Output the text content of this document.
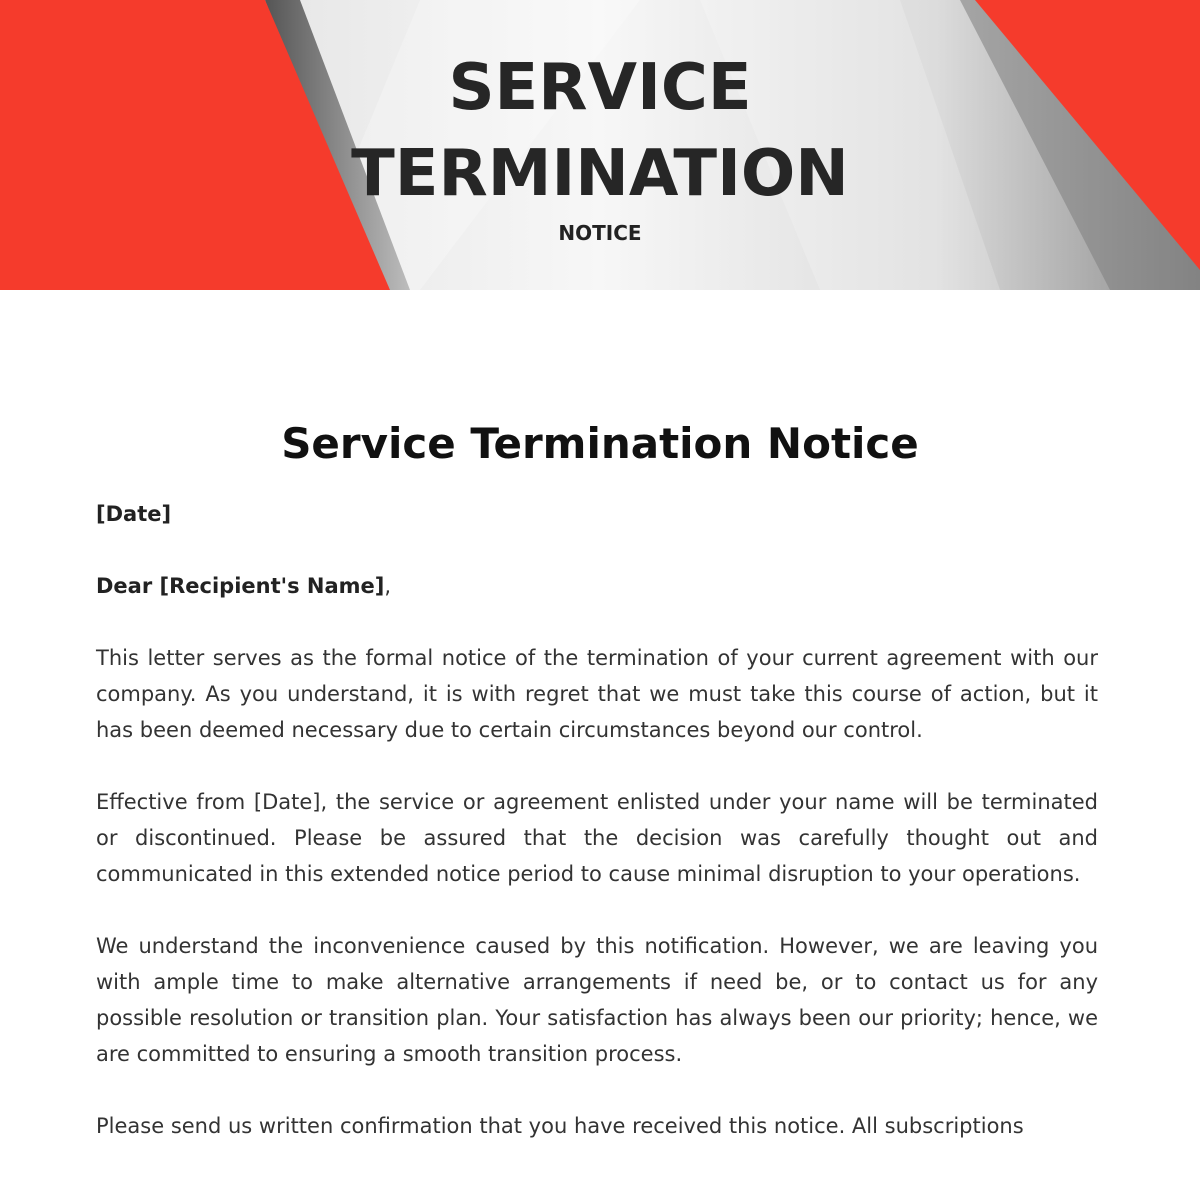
SERVICE
TERMINATION
NOTICE
Service Termination Notice

[Date]

Dear [Recipient's Name],

This letter serves as the formal notice of the termination of your current agreement with our company. As you understand, it is with regret that we must take this course of action, but it has been deemed necessary due to certain circumstances beyond our control.

Effective from [Date], the service or agreement enlisted under your name will be terminated or discontinued. Please be assured that the decision was carefully thought out and communicated in this extended notice period to cause minimal disruption to your operations.

We understand the inconvenience caused by this notification. However, we are leaving you with ample time to make alternative arrangements if need be, or to contact us for any possible resolution or transition plan. Your satisfaction has always been our priority; hence, we are committed to ensuring a smooth transition process.

Please send us written confirmation that you have received this notice. All subscriptions
